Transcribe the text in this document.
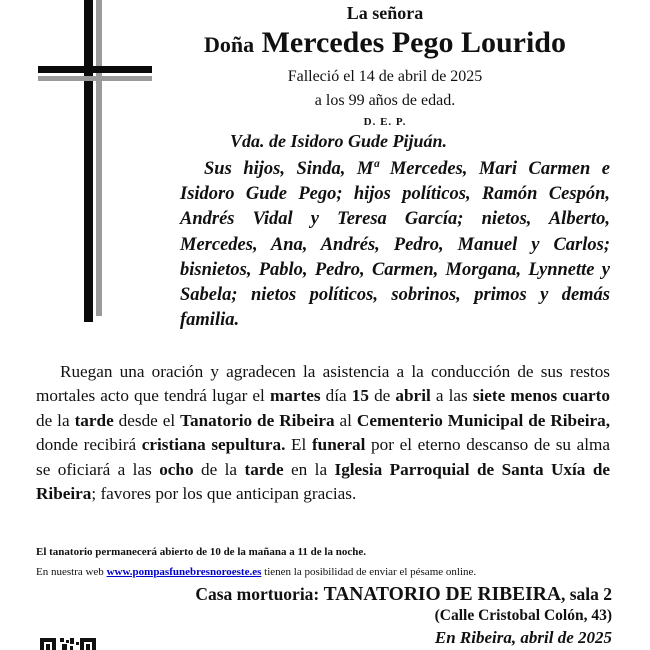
La señora
Doña Mercedes Pego Lourido
Falleció el 14 de abril de 2025
a los 99 años de edad.
D. E. P.
Vda. de Isidoro Gude Pijuán.
Sus hijos, Sinda, Mª Mercedes, Mari Carmen e Isidoro Gude Pego; hijos políticos, Ramón Cespón, Andrés Vidal y Teresa García; nietos, Alberto, Mercedes, Ana, Andrés, Pedro, Manuel y Carlos; bisnietos, Pablo, Pedro, Carmen, Morgana, Lynnette y Sabela; nietos políticos, sobrinos, primos y demás familia.
Ruegan una oración y agradecen la asistencia a la conducción de sus restos mortales acto que tendrá lugar el martes día 15 de abril a las siete menos cuarto de la tarde desde el Tanatorio de Ribeira al Cementerio Municipal de Ribeira, donde recibirá cristiana sepultura. El funeral por el eterno descanso de su alma se oficiará a las ocho de la tarde en la Iglesia Parroquial de Santa Uxía de Ribeira; favores por los que anticipan gracias.
El tanatorio permanecerá abierto de 10 de la mañana a 11 de la noche.
En nuestra web www.pompasfunebresnoroeste.es tienen la posibilidad de enviar el pésame online.
Casa mortuoria: TANATORIO DE RIBEIRA, sala 2
(Calle Cristobal Colón, 43)
En Ribeira, abril de 2025
